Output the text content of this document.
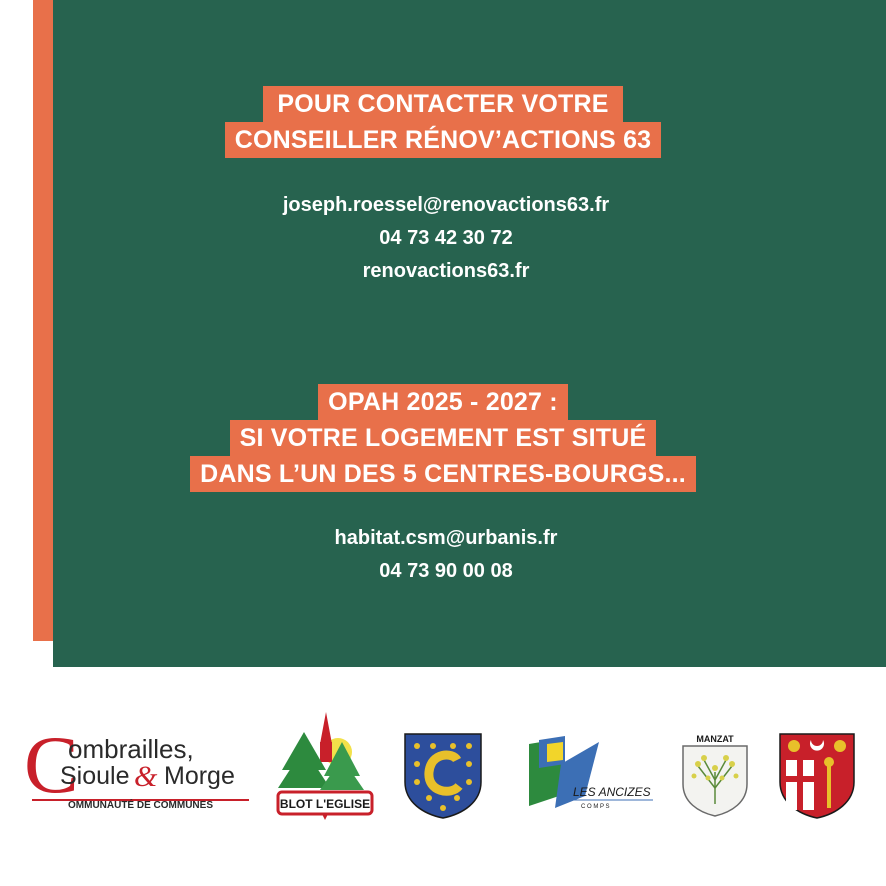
POUR CONTACTER VOTRE
CONSEILLER RÉNOV’ACTIONS 63
joseph.roessel@renovactions63.fr
04 73 42 30 72
renovactions63.fr
OPAH 2025 - 2027 :
SI VOTRE LOGEMENT EST SITUÉ
DANS L’UN DES 5 CENTRES-BOURGS...
habitat.csm@urbanis.fr
04 73 90 00 08
C
ombrailles,
Sioule & Morge
OMMUNAUTÉ DE COMMUNES	BLOT L'EGLISE
LES ANCIZES
C O M P S
MANZAT
